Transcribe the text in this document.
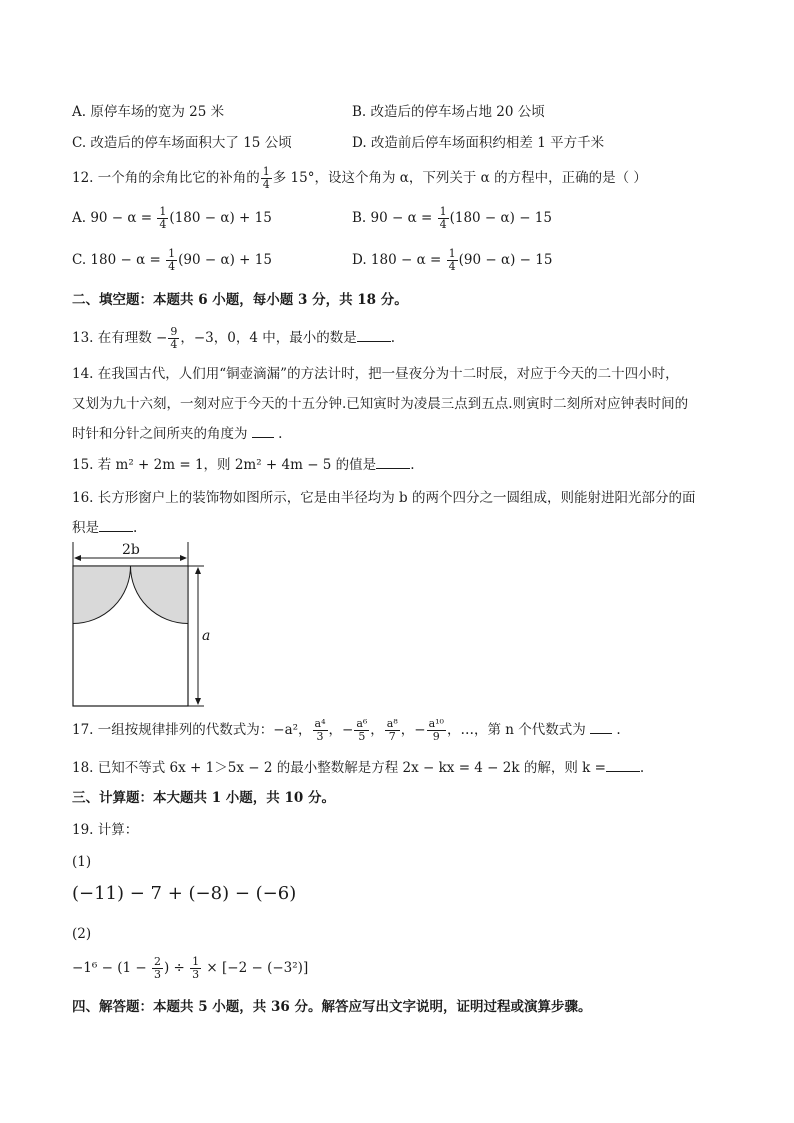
A. 原停车场的宽为 25 米	B. 改造后的停车场占地 20 公顷
C. 改造后的停车场面积大了 15 公顷	D. 改造前后停车场面积约相差 1 平方千米
12. 一个角的余角比它的补角的 $\frac{1}{4}$ 多 15°，设这个角为 α，下列关于 α 的方程中，正确的是（ ）
A. $90 - \alpha = \frac{1}{4} (180 - \alpha) + 15$	B. $90 - \alpha = \frac{1}{4} (180 - \alpha) - 15$
C. $180 - \alpha = \frac{1}{4} (90 - \alpha) + 15$	D. $180 - \alpha = \frac{1}{4} (90 - \alpha) - 15$
二、填空题：本题共 6 小题，每小题 3 分，共 18 分。
13. 在有理数 − $\frac{9}{4}$ ，−3，0，4 中，最小的数是	.
14. 在我国古代，人们用“铜壶滴漏”的方法计时，把一昼夜分为十二时辰，对应于今天的二十四小时，
又划为九十六刻，一刻对应于今天的十五分钟.已知寅时为凌晨三点到五点.则寅时二刻所对应钟表时间的
时针和分针之间所夹的角度为 .
15. 若 m² + 2m = 1，则 2m² + 4m − 5 的值是	.
16. 长方形窗户上的装饰物如图所示，它是由半径均为 b 的两个四分之一圆组成，则能射进阳光部分的面
积是	.
2b
a
17. 一组按规律排列的代数式为：−a²， $\frac{\text{a⁴}}{3}$ ，− $\frac{\text{a⁶}}{5}$ ， $\frac{\text{a⁸}}{7}$ ，− $\frac{\text{a¹⁰}}{9}$ ，…，第 n 个代数式为 .
18. 已知不等式 6x + 1＞5x − 2 的最小整数解是方程 2x − kx = 4 − 2k 的解，则 k =	.
三、计算题：本大题共 1 小题，共 10 分。
19. 计算：
(1)
(−11) − 7 + (−8) − (−6)
(2)
$-1^6 - (1 - \frac{2}{3}$ ) ÷ $\frac{1}{3} \times [-2 - (-3^2)]$
四、解答题：本题共 5 小题，共 36 分。解答应写出文字说明，证明过程或演算步骤。
